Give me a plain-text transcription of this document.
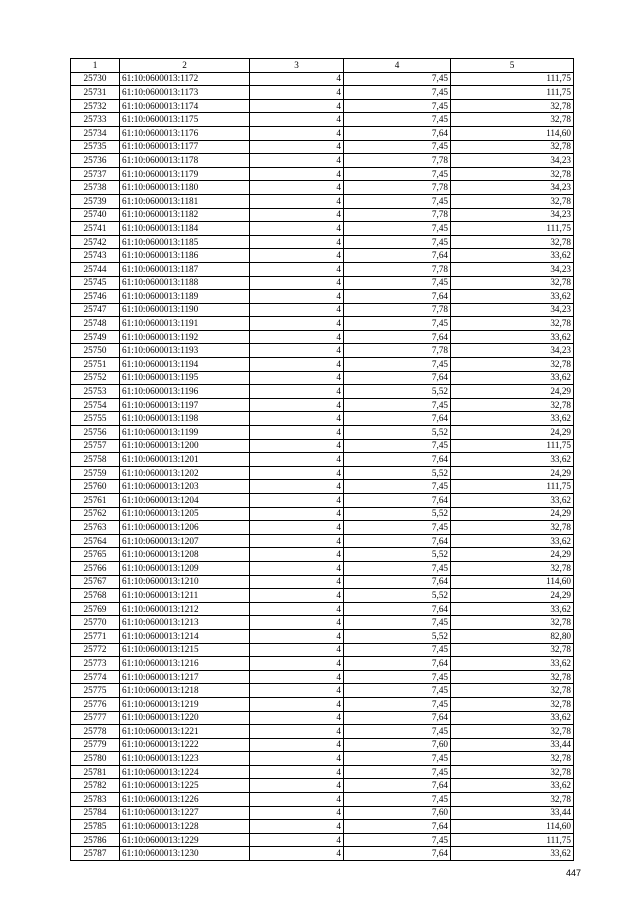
1	2	3	4	5
25730	61:10:0600013:1172	4	7,45	111,75
25731	61:10:0600013:1173	4	7,45	111,75
25732	61:10:0600013:1174	4	7,45	32,78
25733	61:10:0600013:1175	4	7,45	32,78
25734	61:10:0600013:1176	4	7,64	114,60
25735	61:10:0600013:1177	4	7,45	32,78
25736	61:10:0600013:1178	4	7,78	34,23
25737	61:10:0600013:1179	4	7,45	32,78
25738	61:10:0600013:1180	4	7,78	34,23
25739	61:10:0600013:1181	4	7,45	32,78
25740	61:10:0600013:1182	4	7,78	34,23
25741	61:10:0600013:1184	4	7,45	111,75
25742	61:10:0600013:1185	4	7,45	32,78
25743	61:10:0600013:1186	4	7,64	33,62
25744	61:10:0600013:1187	4	7,78	34,23
25745	61:10:0600013:1188	4	7,45	32,78
25746	61:10:0600013:1189	4	7,64	33,62
25747	61:10:0600013:1190	4	7,78	34,23
25748	61:10:0600013:1191	4	7,45	32,78
25749	61:10:0600013:1192	4	7,64	33,62
25750	61:10:0600013:1193	4	7,78	34,23
25751	61:10:0600013:1194	4	7,45	32,78
25752	61:10:0600013:1195	4	7,64	33,62
25753	61:10:0600013:1196	4	5,52	24,29
25754	61:10:0600013:1197	4	7,45	32,78
25755	61:10:0600013:1198	4	7,64	33,62
25756	61:10:0600013:1199	4	5,52	24,29
25757	61:10:0600013:1200	4	7,45	111,75
25758	61:10:0600013:1201	4	7,64	33,62
25759	61:10:0600013:1202	4	5,52	24,29
25760	61:10:0600013:1203	4	7,45	111,75
25761	61:10:0600013:1204	4	7,64	33,62
25762	61:10:0600013:1205	4	5,52	24,29
25763	61:10:0600013:1206	4	7,45	32,78
25764	61:10:0600013:1207	4	7,64	33,62
25765	61:10:0600013:1208	4	5,52	24,29
25766	61:10:0600013:1209	4	7,45	32,78
25767	61:10:0600013:1210	4	7,64	114,60
25768	61:10:0600013:1211	4	5,52	24,29
25769	61:10:0600013:1212	4	7,64	33,62
25770	61:10:0600013:1213	4	7,45	32,78
25771	61:10:0600013:1214	4	5,52	82,80
25772	61:10:0600013:1215	4	7,45	32,78
25773	61:10:0600013:1216	4	7,64	33,62
25774	61:10:0600013:1217	4	7,45	32,78
25775	61:10:0600013:1218	4	7,45	32,78
25776	61:10:0600013:1219	4	7,45	32,78
25777	61:10:0600013:1220	4	7,64	33,62
25778	61:10:0600013:1221	4	7,45	32,78
25779	61:10:0600013:1222	4	7,60	33,44
25780	61:10:0600013:1223	4	7,45	32,78
25781	61:10:0600013:1224	4	7,45	32,78
25782	61:10:0600013:1225	4	7,64	33,62
25783	61:10:0600013:1226	4	7,45	32,78
25784	61:10:0600013:1227	4	7,60	33,44
25785	61:10:0600013:1228	4	7,64	114,60
25786	61:10:0600013:1229	4	7,45	111,75
25787	61:10:0600013:1230	4	7,64	33,62
447
